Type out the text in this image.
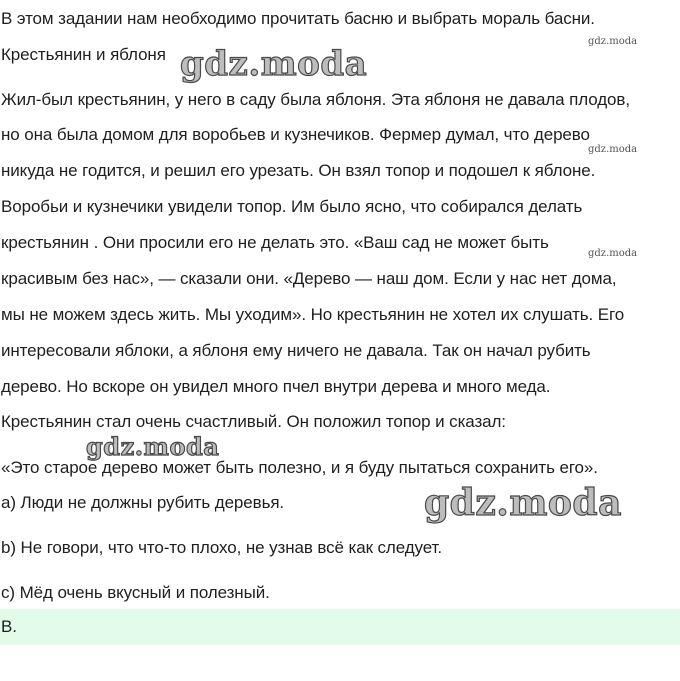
В этом задании нам необходимо прочитать басню и выбрать мораль басни.
Крестьянин и яблоня
Жил-был крестьянин, у него в саду была яблоня. Эта яблоня не давала плодов,
но она была домом для воробьев и кузнечиков. Фермер думал, что дерево
никуда не годится, и решил его урезать. Он взял топор и подошел к яблоне.
Воробьи и кузнечики увидели топор. Им было ясно, что собирался делать
крестьянин . Они просили его не делать это. «Ваш сад не может быть
красивым без нас», — сказали они. «Дерево — наш дом. Если у нас нет дома,
мы не можем здесь жить. Мы уходим». Но крестьянин не хотел их слушать. Его
интересовали яблоки, а яблоня ему ничего не давала. Так он начал рубить
дерево. Но вскоре он увидел много пчел внутри дерева и много меда.
Крестьянин стал очень счастливый. Он положил топор и сказал:
«Это старое дерево может быть полезно, и я буду пытаться сохранить его».
a) Люди не должны рубить деревья.
b) Не говори, что что-то плохо, не узнав всё как следует.
c) Мёд очень вкусный и полезный.
B.
gdz.moda
gdz.moda
gdz.moda
gdz.moda
gdz.moda
gdz.moda
